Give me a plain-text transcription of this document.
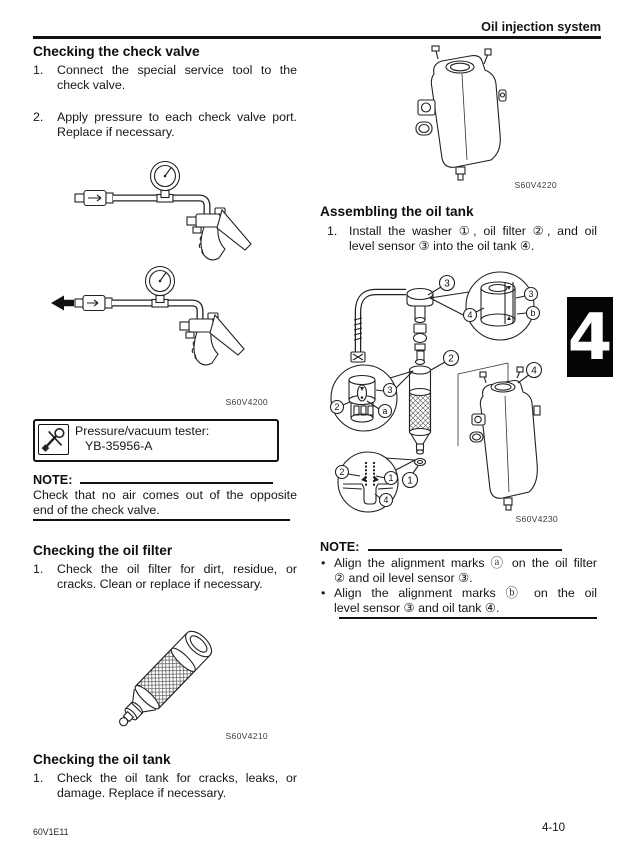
Oil injection system
Checking the check valve
1. Connect the special service tool to the
check valve.
2. Apply pressure to each check valve port.
Replace if necessary.
S60V4200
Pressure/vacuum tester:
YB-35956-A
NOTE:
Check that no air comes out of the opposite
end of the check valve.
Checking the oil filter
1. Check the oil filter for dirt, residue, or
cracks. Clean or replace if necessary.
S60V4210
Checking the oil tank
1. Check the oil tank for cracks, leaks, or
damage. Replace if necessary.
S60V4220
Assembling the oil tank
1. Install the washer ①, oil filter ②, and oil
level sensor ③ into the oil tank ④.
4
3
2
1
3
b
4
3
2	a
2
1
4
S60V4230
NOTE:
• Align the alignment marks ⓐ on the oil filter
② and oil level sensor ③.
• Align the alignment marks ⓑ on the oil
level sensor ③ and oil tank ④.
4
60V1E11	4-10
